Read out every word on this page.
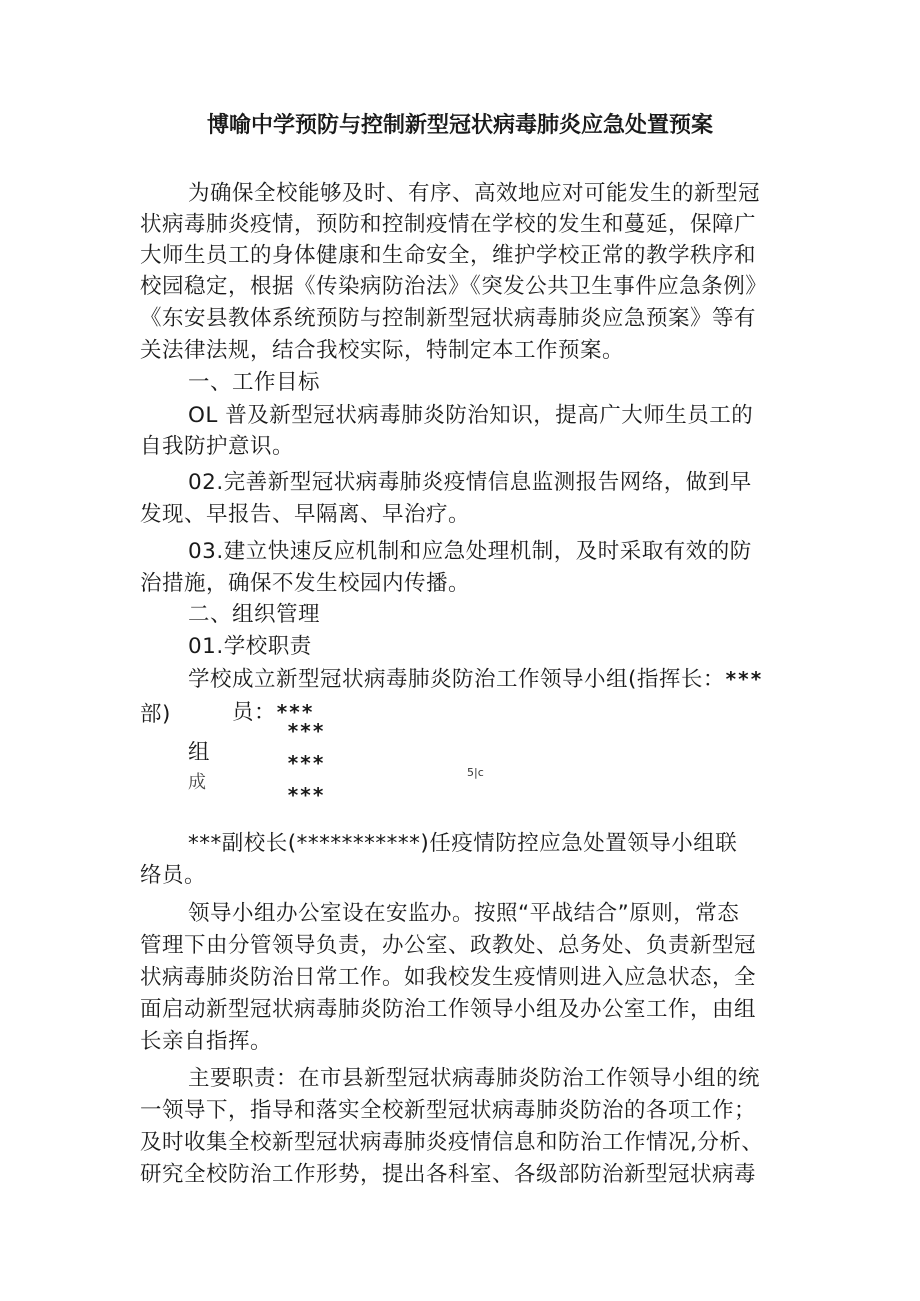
博喻中学预防与控制新型冠状病毒肺炎应急处置预案
为确保全校能够及时、有序、高效地应对可能发生的新型冠
状病毒肺炎疫情，预防和控制疫情在学校的发生和蔓延，保障广
大师生员工的身体健康和生命安全，维护学校正常的教学秩序和
校园稳定，根据《传染病防治法》《突发公共卫生事件应急条例》
《东安县教体系统预防与控制新型冠状病毒肺炎应急预案》等有
关法律法规，结合我校实际，特制定本工作预案。
一、工作目标
OL 普及新型冠状病毒肺炎防治知识，提高广大师生员工的
自我防护意识。
02.完善新型冠状病毒肺炎疫情信息监测报告网络，做到早
发现、早报告、早隔离、早治疗。
03.建立快速反应机制和应急处理机制，及时采取有效的防
治措施，确保不发生校园内传播。
二、组织管理
01.学校职责
学校成立新型冠状病毒肺炎防治工作领导小组(指挥长：***
部)	员：***
***
组	***
成	5|c
***
***副校长(***********)任疫情防控应急处置领导小组联
络员。
领导小组办公室设在安监办。按照“平战结合”原则，常态
管理下由分管领导负责，办公室、政教处、总务处、负责新型冠
状病毒肺炎防治日常工作。如我校发生疫情则进入应急状态，全
面启动新型冠状病毒肺炎防治工作领导小组及办公室工作，由组
长亲自指挥。
主要职责：在市县新型冠状病毒肺炎防治工作领导小组的统
一领导下，指导和落实全校新型冠状病毒肺炎防治的各项工作；
及时收集全校新型冠状病毒肺炎疫情信息和防治工作情况,分析、
研究全校防治工作形势，提出各科室、各级部防治新型冠状病毒
